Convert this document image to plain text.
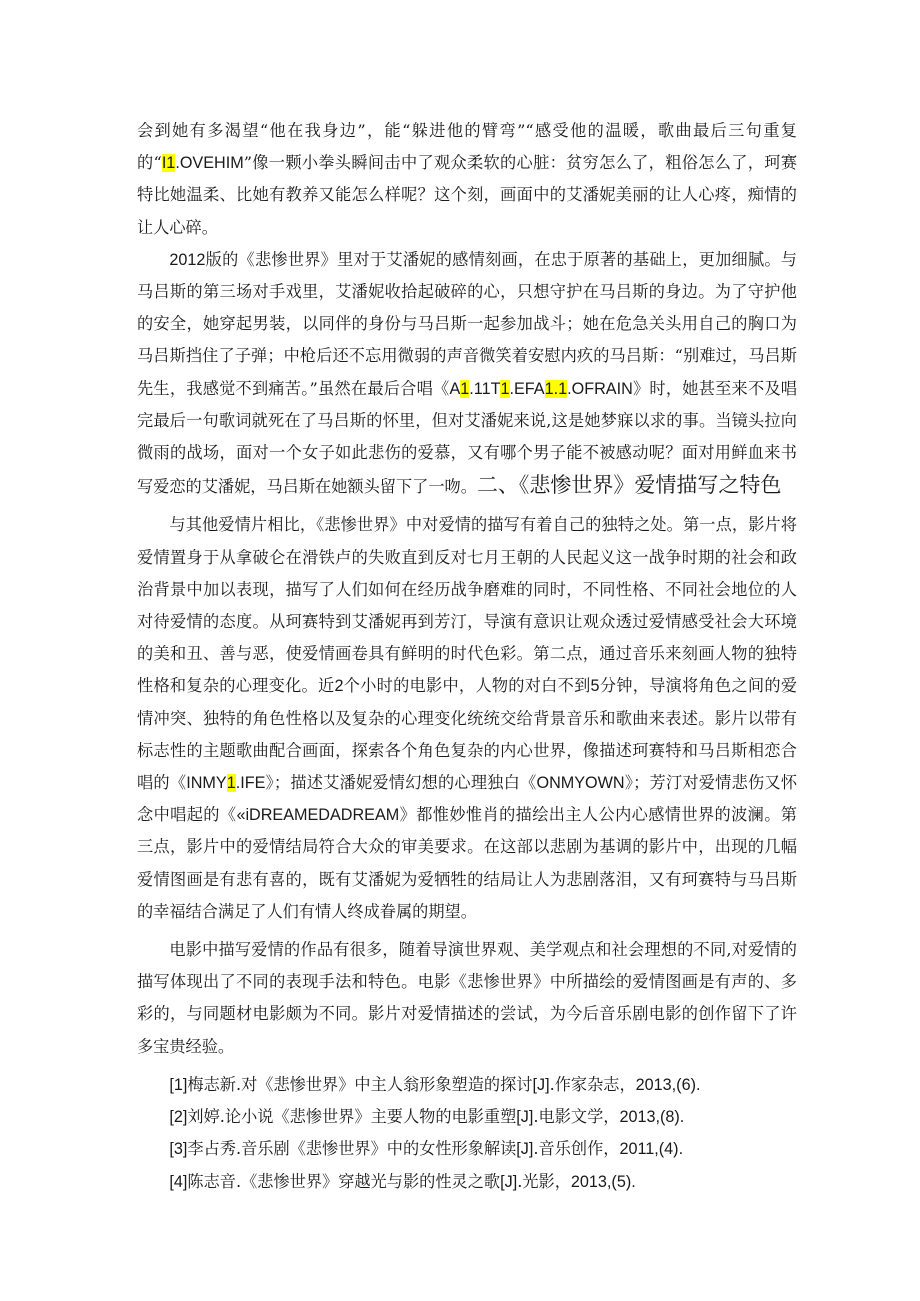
会到她有多渴望“他在我身边”，能“躲进他的臂弯”“感受他的温暖，歌曲最后三句重复的“I1.OVEHIM”像一颗小拳头瞬间击中了观众柔软的心脏：贫穷怎么了，粗俗怎么了，珂赛特比她温柔、比她有教养又能怎么样呢？这个刻，画面中的艾潘妮美丽的让人心疼，痴情的让人心碎。

2012版的《悲惨世界》里对于艾潘妮的感情刻画，在忠于原著的基础上，更加细腻。与马吕斯的第三场对手戏里，艾潘妮收拾起破碎的心，只想守护在马吕斯的身边。为了守护他的安全，她穿起男装，以同伴的身份与马吕斯一起参加战斗；她在危急关头用自己的胸口为马吕斯挡住了子弹；中枪后还不忘用微弱的声音微笑着安慰内疚的马吕斯：“别难过，马吕斯先生，我感觉不到痛苦。”虽然在最后合唱《A1.11T1.EFA1.1.OFRAIN》时，她甚至来不及唱完最后一句歌词就死在了马吕斯的怀里，但对艾潘妮来说,这是她梦寐以求的事。当镜头拉向微雨的战场，面对一个女子如此悲伤的爱慕，又有哪个男子能不被感动呢？面对用鲜血来书写爱恋的艾潘妮，马吕斯在她额头留下了一吻。二、《悲惨世界》爱情描写之特色

与其他爱情片相比，《悲惨世界》中对爱情的描写有着自己的独特之处。第一点，影片将爱情置身于从拿破仑在滑铁卢的失败直到反对七月王朝的人民起义这一战争时期的社会和政治背景中加以表现，描写了人们如何在经历战争磨难的同时，不同性格、不同社会地位的人对待爱情的态度。从珂赛特到艾潘妮再到芳汀，导演有意识让观众透过爱情感受社会大环境的美和丑、善与恶，使爱情画卷具有鲜明的时代色彩。第二点，通过音乐来刻画人物的独特性格和复杂的心理变化。近2个小时的电影中，人物的对白不到5分钟，导演将角色之间的爱情冲突、独特的角色性格以及复杂的心理变化统统交给背景音乐和歌曲来表述。影片以带有标志性的主题歌曲配合画面，探索各个角色复杂的内心世界，像描述珂赛特和马吕斯相恋合唱的《INMY1.IFE》；描述艾潘妮爱情幻想的心理独白《ONMYOWN》；芳汀对爱情悲伤又怀念中唱起的《«iDREAMEDADREAM》都惟妙惟肖的描绘出主人公内心感情世界的波澜。第三点，影片中的爱情结局符合大众的审美要求。在这部以悲剧为基调的影片中，出现的几幅爱情图画是有悲有喜的，既有艾潘妮为爱牺牲的结局让人为悲剧落泪，又有珂赛特与马吕斯的幸福结合满足了人们有情人终成眷属的期望。

电影中描写爱情的作品有很多，随着导演世界观、美学观点和社会理想的不同,对爱情的描写体现出了不同的表现手法和特色。电影《悲惨世界》中所描绘的爱情图画是有声的、多彩的，与同题材电影颇为不同。影片对爱情描述的尝试，为今后音乐剧电影的创作留下了许多宝贵经验。

[1]梅志新.对《悲惨世界》中主人翁形象塑造的探讨[J].作家杂志，2013,(6).

[2]刘婷.论小说《悲惨世界》主要人物的电影重塑[J].电影文学，2013,(8).

[3]李占秀.音乐剧《悲惨世界》中的女性形象解读[J].音乐创作，2011,(4).

[4]陈志音.《悲惨世界》穿越光与影的性灵之歌[J].光影，2013,(5).
